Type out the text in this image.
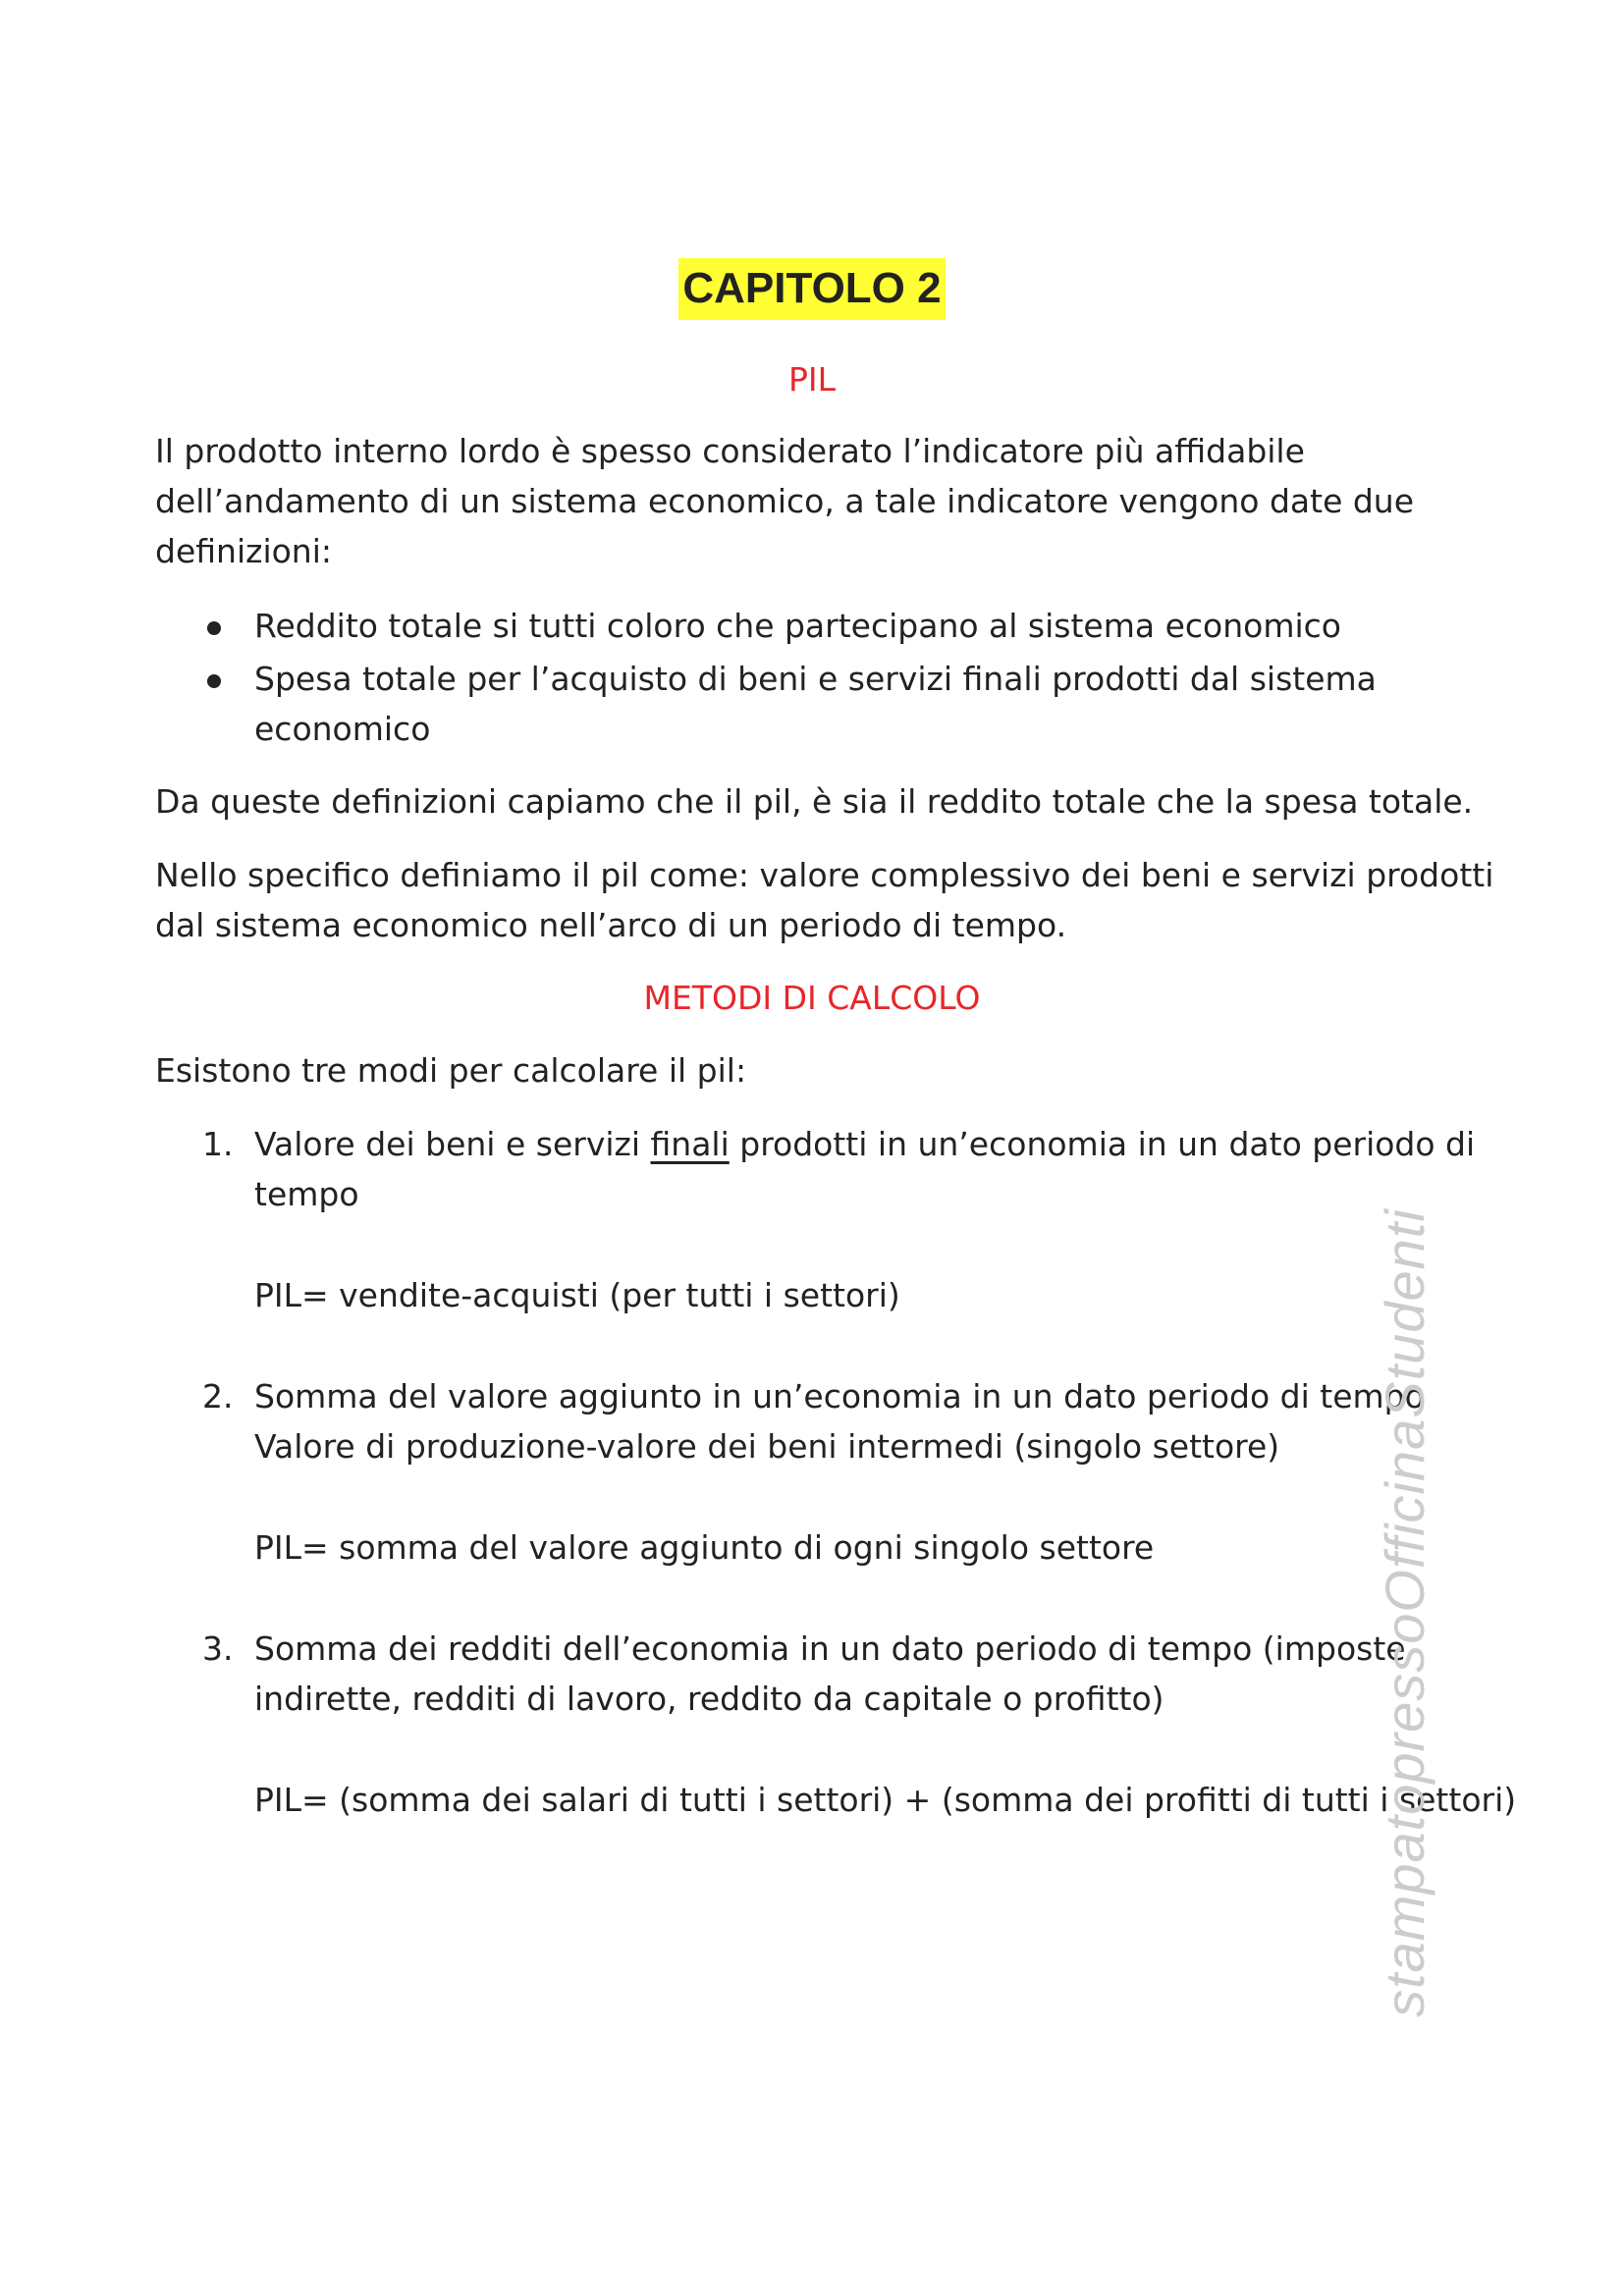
CAPITOLO 2
PIL
Il prodotto interno lordo è spesso considerato l’indicatore più affidabile
dell’andamento di un sistema economico, a tale indicatore vengono date due
definizioni:
Reddito totale si tutti coloro che partecipano al sistema economico
Spesa totale per l’acquisto di beni e servizi finali prodotti dal sistema
economico
Da queste definizioni capiamo che il pil, è sia il reddito totale che la spesa totale.
Nello specifico definiamo il pil come: valore complessivo dei beni e servizi prodotti
dal sistema economico nell’arco di un periodo di tempo.
METODI DI CALCOLO
Esistono tre modi per calcolare il pil:
1. Valore dei beni e servizi finali prodotti in un’economia in un dato periodo di
tempo
PIL= vendite-acquisti (per tutti i settori)
2. Somma del valore aggiunto in un’economia in un dato periodo di tempo
Valore di produzione-valore dei beni intermedi (singolo settore)
PIL= somma del valore aggiunto di ogni singolo settore
3. Somma dei redditi dell’economia in un dato periodo di tempo (imposte
indirette, redditi di lavoro, reddito da capitale o profitto)
PIL= (somma dei salari di tutti i settori) + (somma dei profitti di tutti i settori)
stampatopressoOfficinaStudenti
